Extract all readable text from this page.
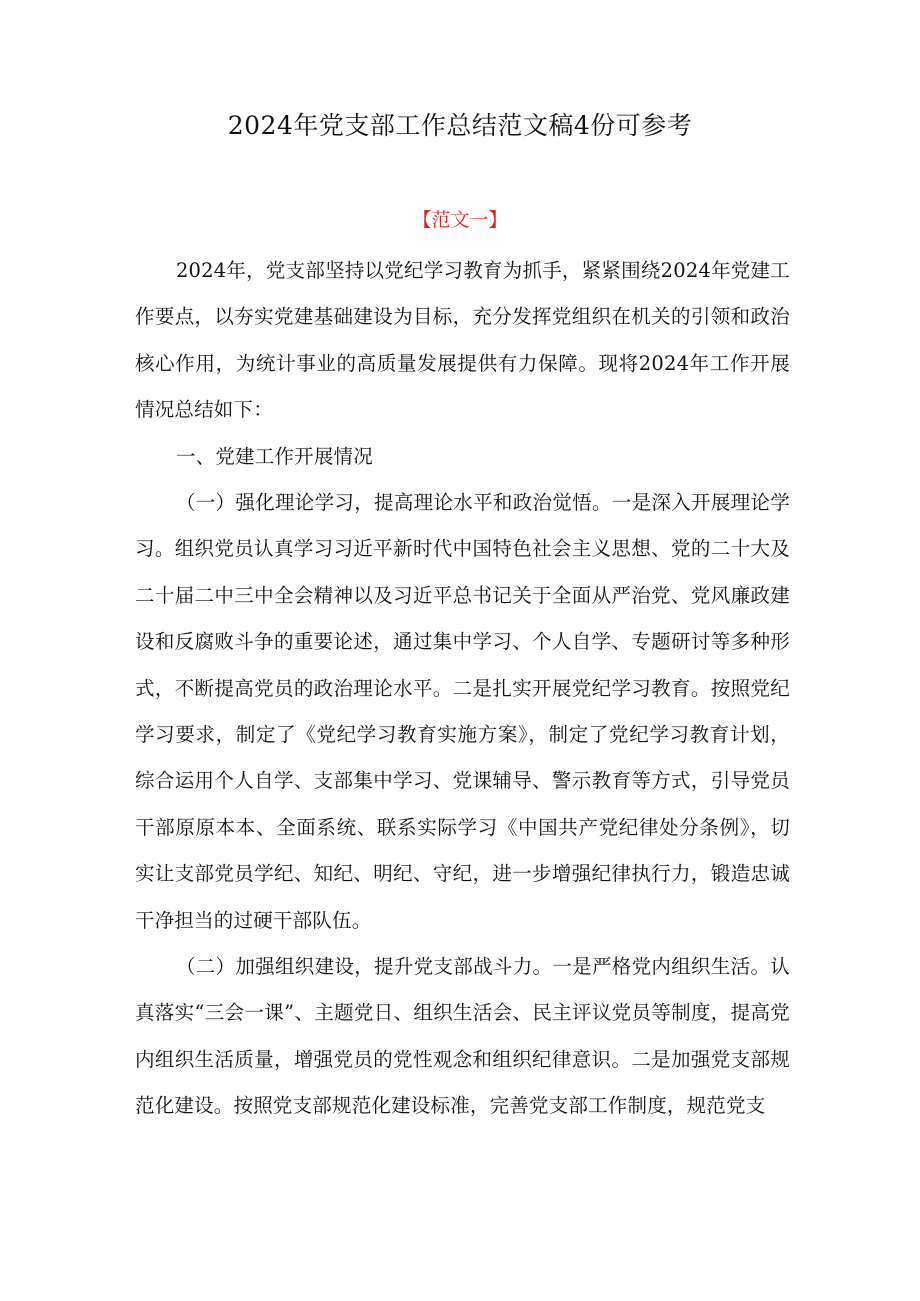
2024年党支部工作总结范文稿4份可参考

【范文一】

2024年，党支部坚持以党纪学习教育为抓手，紧紧围绕2024年党建工作要点，以夯实党建基础建设为目标，充分发挥党组织在机关的引领和政治核心作用，为统计事业的高质量发展提供有力保障。现将2024年工作开展情况总结如下：

一、党建工作开展情况

（一）强化理论学习，提高理论水平和政治觉悟。一是深入开展理论学习。组织党员认真学习习近平新时代中国特色社会主义思想、党的二十大及二十届二中三中全会精神以及习近平总书记关于全面从严治党、党风廉政建设和反腐败斗争的重要论述，通过集中学习、个人自学、专题研讨等多种形式，不断提高党员的政治理论水平。二是扎实开展党纪学习教育。按照党纪学习要求，制定了《党纪学习教育实施方案》，制定了党纪学习教育计划，综合运用个人自学、支部集中学习、党课辅导、警示教育等方式，引导党员干部原原本本、全面系统、联系实际学习《中国共产党纪律处分条例》，切实让支部党员学纪、知纪、明纪、守纪，进一步增强纪律执行力，锻造忠诚干净担当的过硬干部队伍。

（二）加强组织建设，提升党支部战斗力。一是严格党内组织生活。认真落实“三会一课”、主题党日、组织生活会、民主评议党员等制度，提高党内组织生活质量，增强党员的党性观念和组织纪律意识。二是加强党支部规范化建设。按照党支部规范化建设标准，完善党支部工作制度，规范党支
